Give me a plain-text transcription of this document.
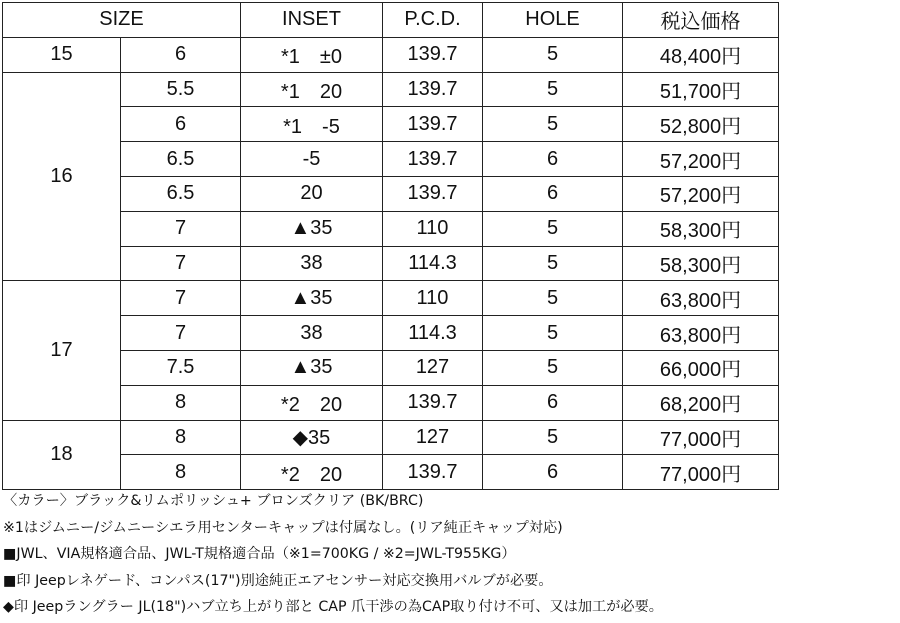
SIZE		INSET	P.C.D.	HOLE	税込価格
15	6	*1　±0	139.7	5	48,400円
16	5.5	*1　20	139.7	5	51,700円
	6	*1　-5	139.7	5	52,800円
	6.5	-5	139.7	6	57,200円
	6.5	20	139.7	6	57,200円
	7	▲35	110	5	58,300円
	7	38	114.3	5	58,300円
17	7	▲35	110	5	63,800円
	7	38	114.3	5	63,800円
	7.5	▲35	127	5	66,000円
	8	*2　20	139.7	6	68,200円
18	8	◆35	127	5	77,000円
	8	*2　20	139.7	6	77,000円
〈カラー〉ブラック&リムポリッシュ+ ブロンズクリア (BK/BRC)
※1はジムニー/ジムニーシエラ用センターキャップは付属なし。(リア純正キャップ対応)
■JWL、VIA規格適合品、JWL-T規格適合品（※1=700KG / ※2=JWL-T955KG）
■印 Jeepレネゲード、コンパス(17")別途純正エアセンサー対応交換用バルブが必要。
◆印 Jeepラングラー JL(18")ハブ立ち上がり部と CAP 爪干渉の為CAP取り付け不可、又は加工が必要。
